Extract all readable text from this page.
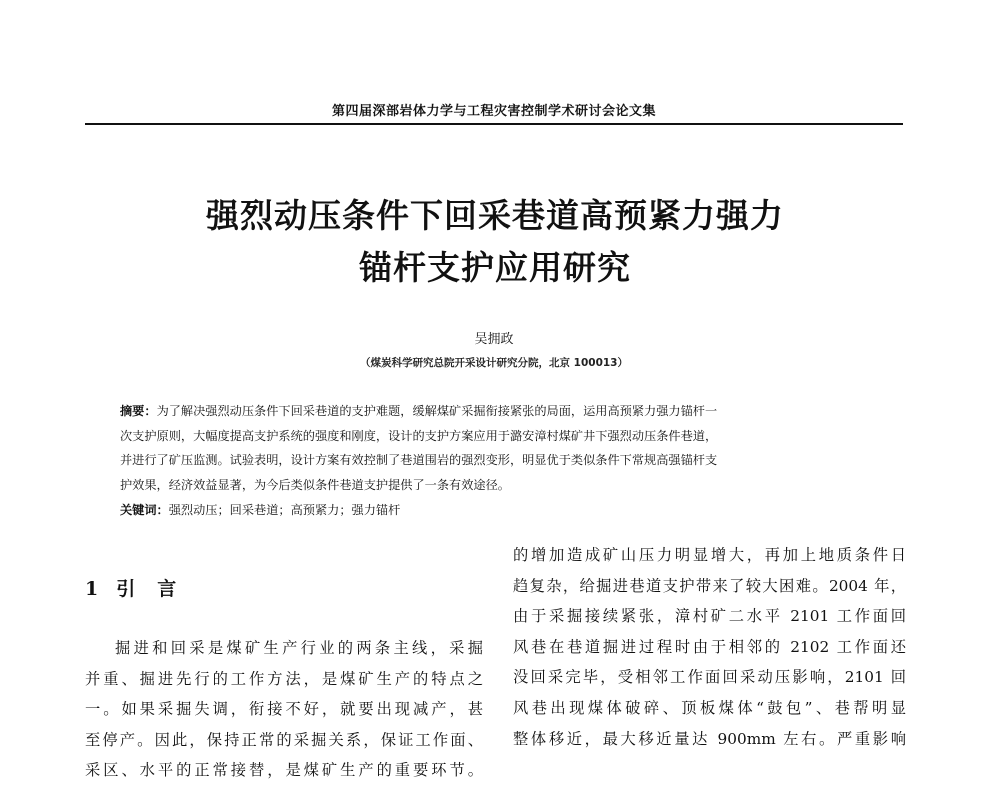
第四届深部岩体力学与工程灾害控制学术研讨会论文集
强烈动压条件下回采巷道高预紧力强力
锚杆支护应用研究
吴拥政
（煤炭科学研究总院开采设计研究分院，北京 100013）
摘要：为了解决强烈动压条件下回采巷道的支护难题，缓解煤矿采掘衔接紧张的局面，运用高预紧力强力锚杆一
次支护原则，大幅度提高支护系统的强度和刚度，设计的支护方案应用于潞安漳村煤矿井下强烈动压条件巷道，
并进行了矿压监测。试验表明，设计方案有效控制了巷道围岩的强烈变形，明显优于类似条件下常规高强锚杆支
护效果，经济效益显著，为今后类似条件巷道支护提供了一条有效途径。
关键词：强烈动压；回采巷道；高预紧力；强力锚杆
1 引 言
掘进和回采是煤矿生产行业的两条主线，采掘
并重、掘进先行的工作方法，是煤矿生产的特点之
一。如果采掘失调，衔接不好，就要出现减产，甚
至停产。因此，保持正常的采掘关系，保证工作面、
采区、水平的正常接替，是煤矿生产的重要环节。
的增加造成矿山压力明显增大，再加上地质条件日
趋复杂，给掘进巷道支护带来了较大困难。2004 年，
由于采掘接续紧张，漳村矿二水平 2101 工作面回
风巷在巷道掘进过程时由于相邻的 2102 工作面还
没回采完毕，受相邻工作面回采动压影响，2101 回
风巷出现煤体破碎、顶板煤体“鼓包”、巷帮明显
整体移近，最大移近量达 900mm 左右。严重影响
